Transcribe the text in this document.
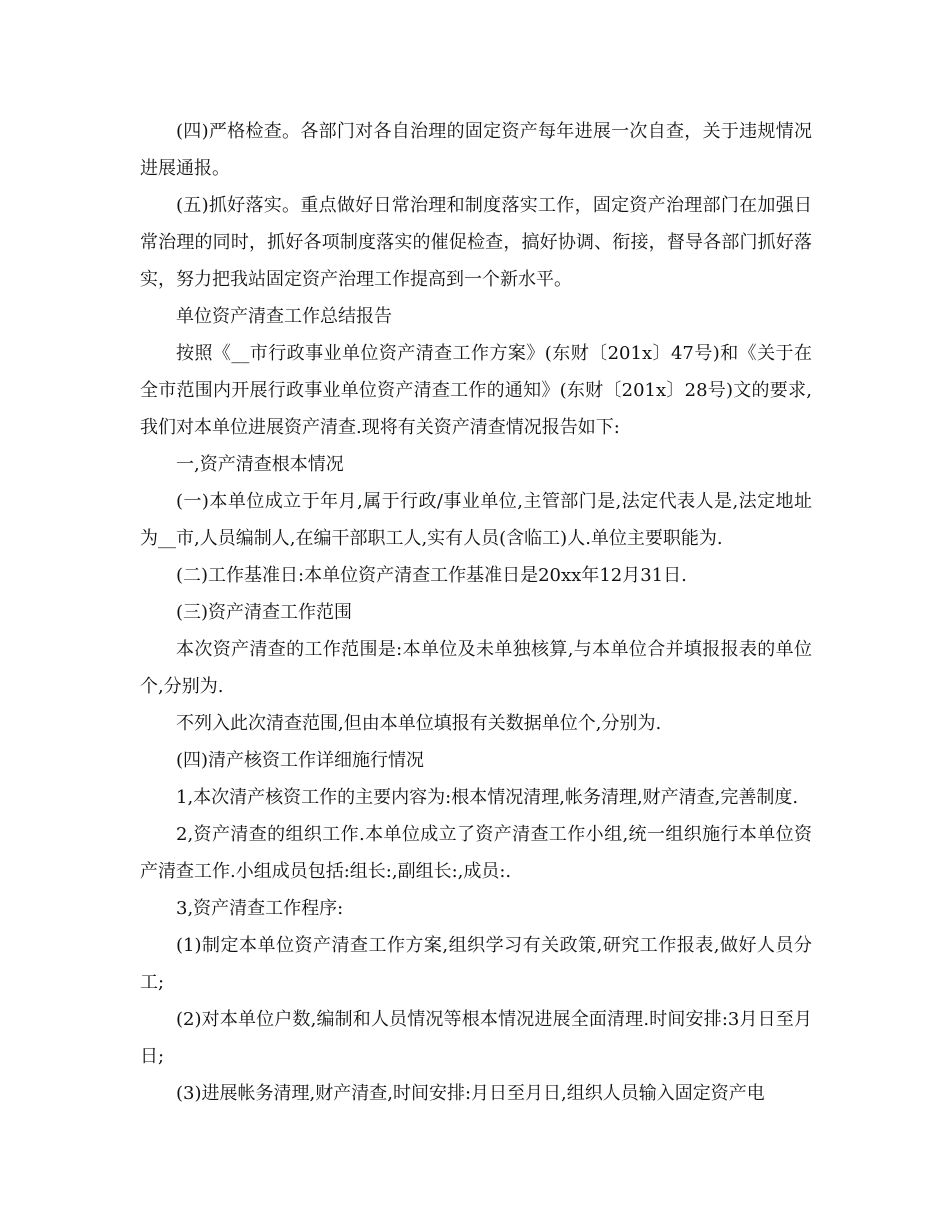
(四)严格检查。各部门对各自治理的固定资产每年进展一次自查，关于违规情况进展通报。

(五)抓好落实。重点做好日常治理和制度落实工作，固定资产治理部门在加强日常治理的同时，抓好各项制度落实的催促检查，搞好协调、衔接，督导各部门抓好落实，努力把我站固定资产治理工作提高到一个新水平。

单位资产清查工作总结报告

按照《__市行政事业单位资产清查工作方案》(东财〔201x〕47号)和《关于在全市范围内开展行政事业单位资产清查工作的通知》(东财〔201x〕28号)文的要求,我们对本单位进展资产清查.现将有关资产清查情况报告如下:

一,资产清查根本情况

(一)本单位成立于年月,属于行政/事业单位,主管部门是,法定代表人是,法定地址为__市,人员编制人,在编干部职工人,实有人员(含临工)人.单位主要职能为.

(二)工作基准日:本单位资产清查工作基准日是20xx年12月31日.

(三)资产清查工作范围

本次资产清查的工作范围是:本单位及未单独核算,与本单位合并填报报表的单位个,分别为.

不列入此次清查范围,但由本单位填报有关数据单位个,分别为.

(四)清产核资工作详细施行情况

1,本次清产核资工作的主要内容为:根本情况清理,帐务清理,财产清查,完善制度.

2,资产清查的组织工作.本单位成立了资产清查工作小组,统一组织施行本单位资产清查工作.小组成员包括:组长:,副组长:,成员:.

3,资产清查工作程序:

(1)制定本单位资产清查工作方案,组织学习有关政策,研究工作报表,做好人员分工;

(2)对本单位户数,编制和人员情况等根本情况进展全面清理.时间安排:3月日至月日;

(3)进展帐务清理,财产清查,时间安排:月日至月日,组织人员输入固定资产电
